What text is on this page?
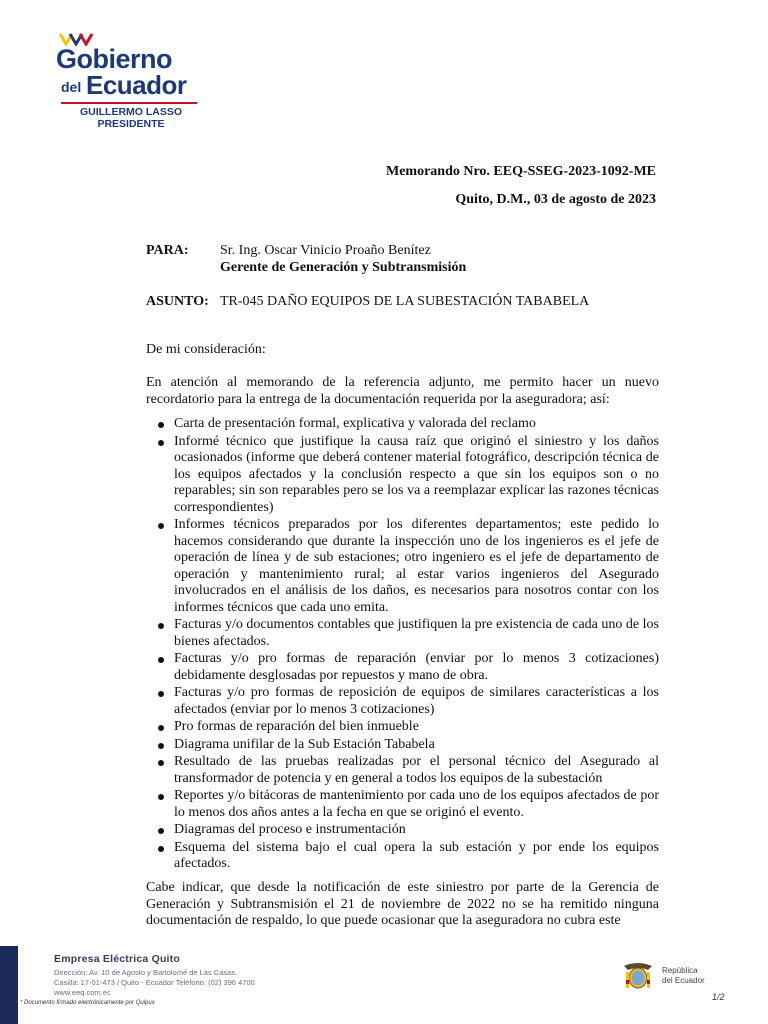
Gobierno
del Ecuador
GUILLERMO LASSO
PRESIDENTE
Memorando Nro. EEQ-SSEG-2023-1092-ME
Quito, D.M., 03 de agosto de 2023
PARA: Sr. Ing. Oscar Vinicio Proaño Benítez
Gerente de Generación y Subtransmisión
ASUNTO: TR-045 DAÑO EQUIPOS DE LA SUBESTACIÓN TABABELA

De mi consideración:

En atención al memorando de la referencia adjunto, me permito hacer un nuevo recordatorio para la entrega de la documentación requerida por la aseguradora; así:

Carta de presentación formal, explicativa y valorada del reclamo
Informé técnico que justifique la causa raíz que originó el siniestro y los daños ocasionados (informe que deberá contener material fotográfico, descripción técnica de los equipos afectados y la conclusión respecto a que sin los equipos son o no reparables; sin son reparables pero se los va a reemplazar explicar las razones técnicas correspondientes)
Informes técnicos preparados por los diferentes departamentos; este pedido lo hacemos considerando que durante la inspección uno de los ingenieros es el jefe de operación de línea y de sub estaciones; otro ingeniero es el jefe de departamento de operación y mantenimiento rural; al estar varios ingenieros del Asegurado involucrados en el análisis de los daños, es necesarios para nosotros contar con los informes técnicos que cada uno emita.
Facturas y/o documentos contables que justifiquen la pre existencia de cada uno de los bienes afectados.
Facturas y/o pro formas de reparación (enviar por lo menos 3 cotizaciones) debidamente desglosadas por repuestos y mano de obra.
Facturas y/o pro formas de reposición de equipos de similares características a los afectados (enviar por lo menos 3 cotizaciones)
Pro formas de reparación del bien inmueble
Diagrama unifilar de la Sub Estación Tababela
Resultado de las pruebas realizadas por el personal técnico del Asegurado al transformador de potencia y en general a todos los equipos de la subestación
Reportes y/o bitácoras de mantenimiento por cada uno de los equipos afectados de por lo menos dos años antes a la fecha en que se originó el evento.
Diagramas del proceso e instrumentación
Esquema del sistema bajo el cual opera la sub estación y por ende los equipos afectados.

Cabe indicar, que desde la notificación de este siniestro por parte de la Gerencia de Generación y Subtransmisión el 21 de noviembre de 2022 no se ha remitido ninguna documentación de respaldo, lo que puede ocasionar que la aseguradora no cubra este

Empresa Eléctrica Quito
Dirección: Av. 10 de Agosto y Bartolomé de Las Casas.
Casilla: 17-01-473 / Quito - Ecuador Teléfono: (02) 396 4700
www.eeq.com.ec
* Documento firmado electrónicamente por Quipux
República
del Ecuador
1/2
